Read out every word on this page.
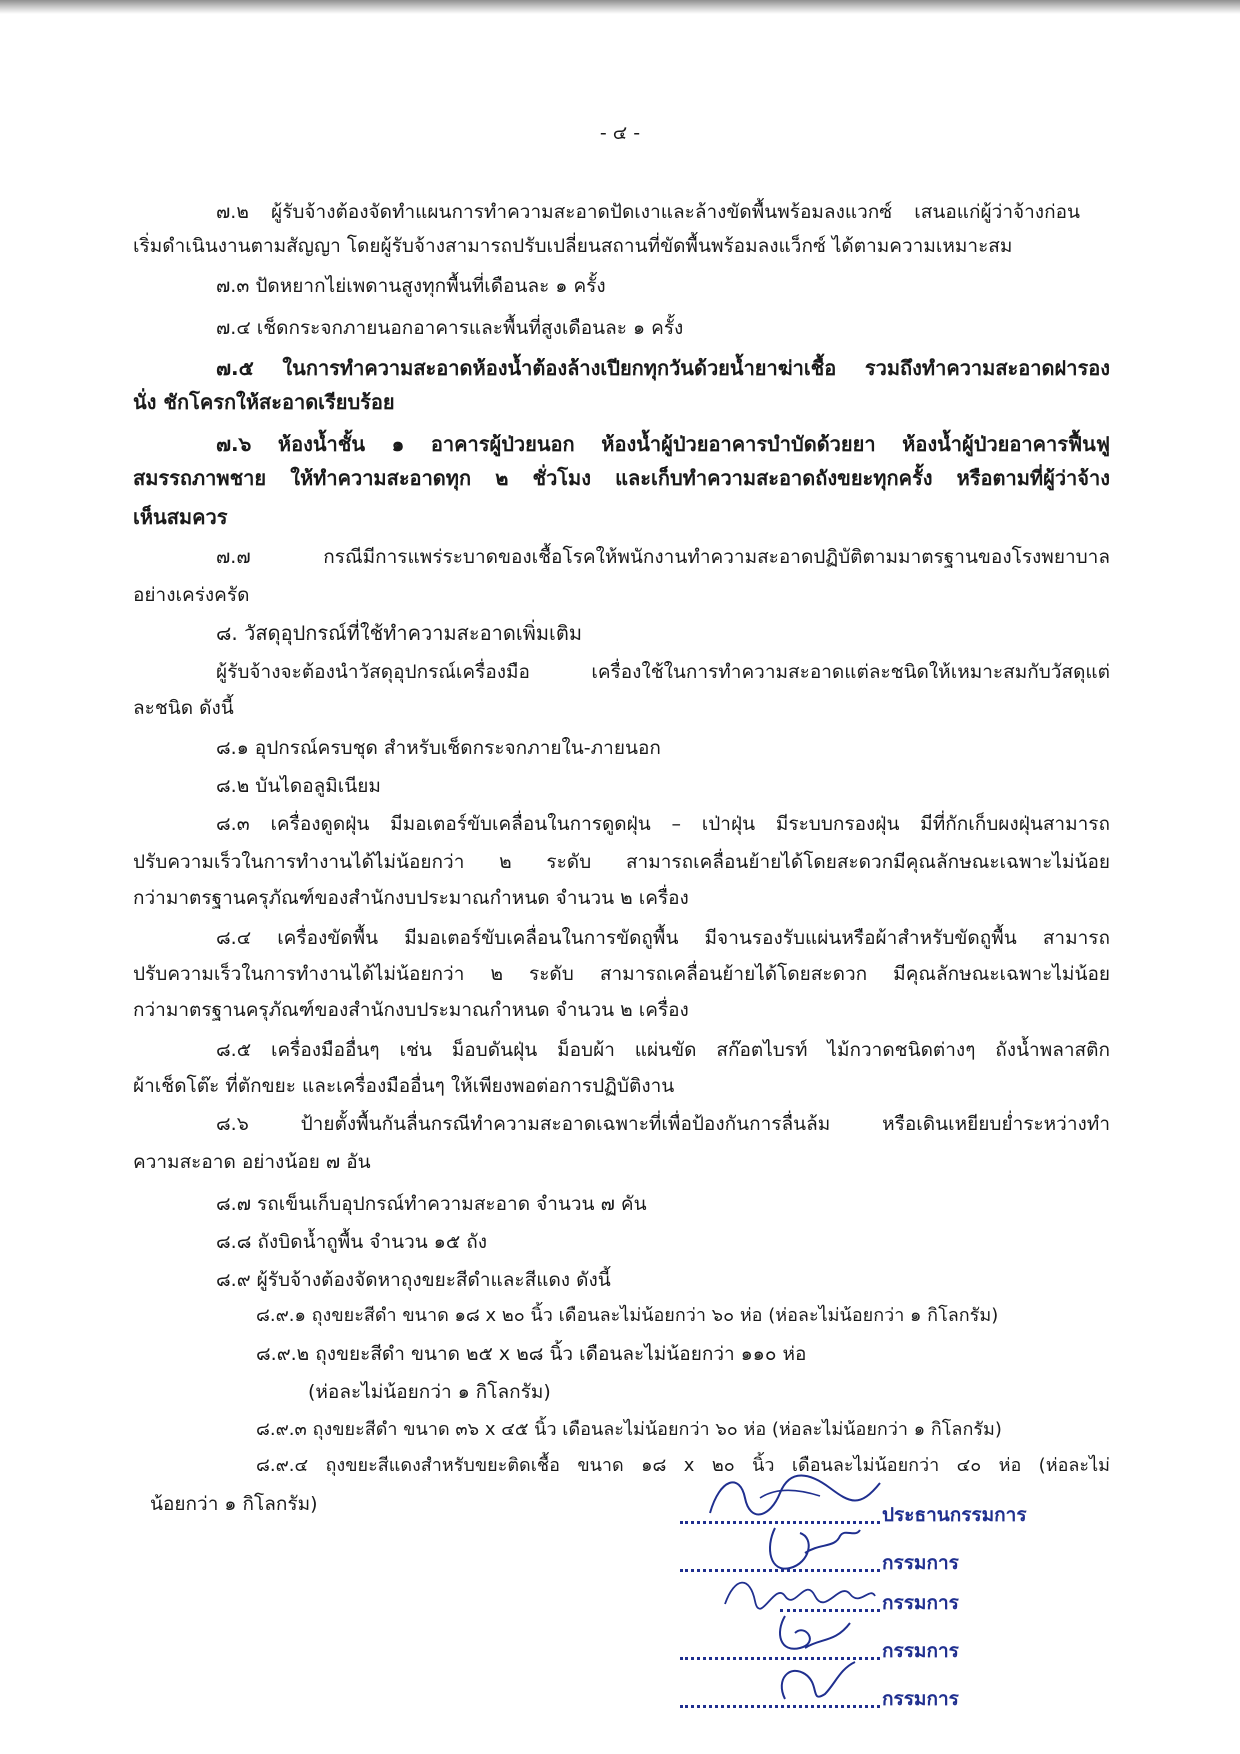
- ๔ -
๗.๒ ผู้รับจ้างต้องจัดทำแผนการทำความสะอาดปัดเงาและล้างขัดพื้นพร้อมลงแวกซ์ เสนอแก่ผู้ว่าจ้างก่อน
เริ่มดำเนินงานตามสัญญา โดยผู้รับจ้างสามารถปรับเปลี่ยนสถานที่ขัดพื้นพร้อมลงแว็กซ์ ได้ตามความเหมาะสม
๗.๓ ปัดหยากไย่เพดานสูงทุกพื้นที่เดือนละ ๑ ครั้ง
๗.๔ เช็ดกระจกภายนอกอาคารและพื้นที่สูงเดือนละ ๑ ครั้ง
๗.๕ ในการทำความสะอาดห้องน้ำต้องล้างเปียกทุกวันด้วยน้ำยาฆ่าเชื้อ รวมถึงทำความสะอาดฝารอง
นั่ง ชักโครกให้สะอาดเรียบร้อย
๗.๖ ห้องน้ำชั้น ๑ อาคารผู้ป่วยนอก ห้องน้ำผู้ป่วยอาคารบำบัดด้วยยา ห้องน้ำผู้ป่วยอาคารฟื้นฟู
สมรรถภาพชาย ให้ทำความสะอาดทุก ๒ ชั่วโมง และเก็บทำความสะอาดถังขยะทุกครั้ง หรือตามที่ผู้ว่าจ้าง
เห็นสมควร
๗.๗ กรณีมีการแพร่ระบาดของเชื้อโรคให้พนักงานทำความสะอาดปฏิบัติตามมาตรฐานของโรงพยาบาล
อย่างเคร่งครัด
๘. วัสดุอุปกรณ์ที่ใช้ทำความสะอาดเพิ่มเติม
ผู้รับจ้างจะต้องนำวัสดุอุปกรณ์เครื่องมือ เครื่องใช้ในการทำความสะอาดแต่ละชนิดให้เหมาะสมกับวัสดุแต่
ละชนิด ดังนี้
๘.๑ อุปกรณ์ครบชุด สำหรับเช็ดกระจกภายใน-ภายนอก
๘.๒ บันไดอลูมิเนียม
๘.๓ เครื่องดูดฝุ่น มีมอเตอร์ขับเคลื่อนในการดูดฝุ่น – เป่าฝุ่น มีระบบกรองฝุ่น มีที่กักเก็บผงฝุ่นสามารถ
ปรับความเร็วในการทำงานได้ไม่น้อยกว่า ๒ ระดับ สามารถเคลื่อนย้ายได้โดยสะดวกมีคุณลักษณะเฉพาะไม่น้อย
กว่ามาตรฐานครุภัณฑ์ของสำนักงบประมาณกำหนด จำนวน ๒ เครื่อง
๘.๔ เครื่องขัดพื้น มีมอเตอร์ขับเคลื่อนในการขัดถูพื้น มีจานรองรับแผ่นหรือผ้าสำหรับขัดถูพื้น สามารถ
ปรับความเร็วในการทำงานได้ไม่น้อยกว่า ๒ ระดับ สามารถเคลื่อนย้ายได้โดยสะดวก มีคุณลักษณะเฉพาะไม่น้อย
กว่ามาตรฐานครุภัณฑ์ของสำนักงบประมาณกำหนด จำนวน ๒ เครื่อง
๘.๕ เครื่องมืออื่นๆ เช่น ม็อบดันฝุ่น ม็อบผ้า แผ่นขัด สก๊อตไบรท์ ไม้กวาดชนิดต่างๆ ถังน้ำพลาสติก
ผ้าเช็ดโต๊ะ ที่ตักขยะ และเครื่องมืออื่นๆ ให้เพียงพอต่อการปฏิบัติงาน
๘.๖ ป้ายตั้งพื้นกันลื่นกรณีทำความสะอาดเฉพาะที่เพื่อป้องกันการลื่นล้ม หรือเดินเหยียบย่ำระหว่างทำ
ความสะอาด อย่างน้อย ๗ อัน
๘.๗ รถเข็นเก็บอุปกรณ์ทำความสะอาด จำนวน ๗ คัน
๘.๘ ถังบิดน้ำถูพื้น จำนวน ๑๕ ถัง
๘.๙ ผู้รับจ้างต้องจัดหาถุงขยะสีดำและสีแดง ดังนี้
๘.๙.๑ ถุงขยะสีดำ ขนาด ๑๘ x ๒๐ นิ้ว เดือนละไม่น้อยกว่า ๖๐ ห่อ (ห่อละไม่น้อยกว่า ๑ กิโลกรัม)
๘.๙.๒ ถุงขยะสีดำ ขนาด ๒๕ x ๒๘ นิ้ว เดือนละไม่น้อยกว่า ๑๑๐ ห่อ
(ห่อละไม่น้อยกว่า ๑ กิโลกรัม)
๘.๙.๓ ถุงขยะสีดำ ขนาด ๓๖ x ๔๕ นิ้ว เดือนละไม่น้อยกว่า ๖๐ ห่อ (ห่อละไม่น้อยกว่า ๑ กิโลกรัม)
๘.๙.๔ ถุงขยะสีแดงสำหรับขยะติดเชื้อ ขนาด ๑๘ x ๒๐ นิ้ว เดือนละไม่น้อยกว่า ๔๐ ห่อ (ห่อละไม่
น้อยกว่า ๑ กิโลกรัม)	ประธานกรรมการ
กรรมการ
กรรมการ
กรรมการ
กรรมการ
